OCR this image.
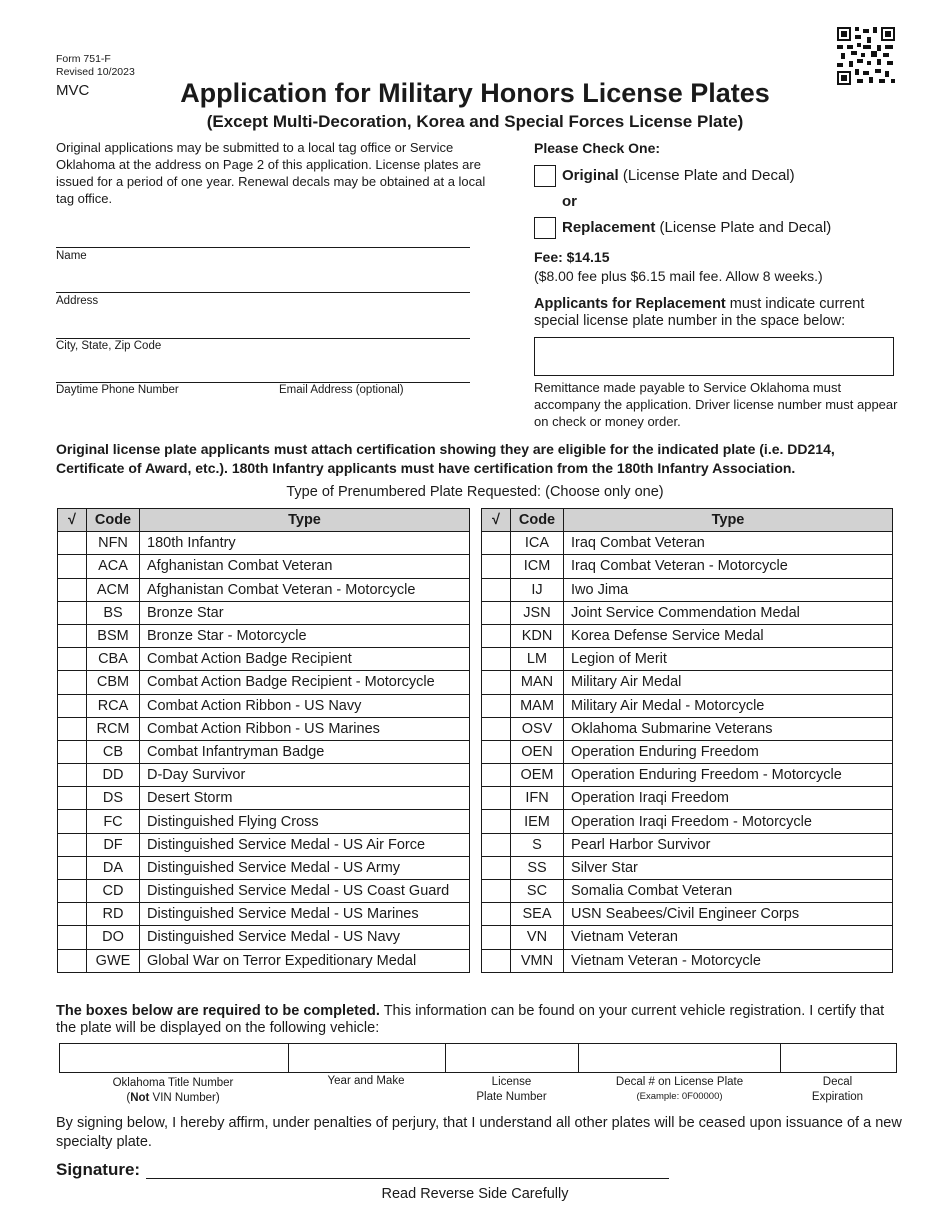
Form 751-F
Revised 10/2023
MVC	Application for Military Honors License Plates
(Except Multi-Decoration, Korea and Special Forces License Plate)
Original applications may be submitted to a local tag office or Service Oklahoma at the address on Page 2 of this application. License plates are issued for a period of one year. Renewal decals may be obtained at a local tag office.
Name
Address
City, State, Zip Code
Daytime Phone Number	Email Address (optional)
Please Check One:
Original (License Plate and Decal)
or
Replacement (License Plate and Decal)
Fee: $14.15
($8.00 fee plus $6.15 mail fee. Allow 8 weeks.)
Applicants for Replacement must indicate current special license plate number in the space below:
Remittance made payable to Service Oklahoma must accompany the application. Driver license number must appear on check or money order.
Original license plate applicants must attach certification showing they are eligible for the indicated plate (i.e. DD214, Certificate of Award, etc.). 180th Infantry applicants must have certification from the 180th Infantry Association.
Type of Prenumbered Plate Requested: (Choose only one)
√	Code	Type
	NFN	180th Infantry
	ACA	Afghanistan Combat Veteran
	ACM	Afghanistan Combat Veteran - Motorcycle
	BS	Bronze Star
	BSM	Bronze Star - Motorcycle
	CBA	Combat Action Badge Recipient
	CBM	Combat Action Badge Recipient - Motorcycle
	RCA	Combat Action Ribbon - US Navy
	RCM	Combat Action Ribbon - US Marines
	CB	Combat Infantryman Badge
	DD	D-Day Survivor
	DS	Desert Storm
	FC	Distinguished Flying Cross
	DF	Distinguished Service Medal - US Air Force
	DA	Distinguished Service Medal - US Army
	CD	Distinguished Service Medal - US Coast Guard
	RD	Distinguished Service Medal - US Marines
	DO	Distinguished Service Medal - US Navy
	GWE	Global War on Terror Expeditionary Medal
√	Code	Type
	ICA	Iraq Combat Veteran
	ICM	Iraq Combat Veteran - Motorcycle
	IJ	Iwo Jima
	JSN	Joint Service Commendation Medal
	KDN	Korea Defense Service Medal
	LM	Legion of Merit
	MAN	Military Air Medal
	MAM	Military Air Medal - Motorcycle
	OSV	Oklahoma Submarine Veterans
	OEN	Operation Enduring Freedom
	OEM	Operation Enduring Freedom - Motorcycle
	IFN	Operation Iraqi Freedom
	IEM	Operation Iraqi Freedom - Motorcycle
	S	Pearl Harbor Survivor
	SS	Silver Star
	SC	Somalia Combat Veteran
	SEA	USN Seabees/Civil Engineer Corps
	VN	Vietnam Veteran
	VMN	Vietnam Veteran - Motorcycle
The boxes below are required to be completed. This information can be found on your current vehicle registration. I certify that the plate will be displayed on the following vehicle:
Oklahoma Title Number
(Not VIN Number)
Year and Make	License
Plate Number
Decal # on License Plate
(Example: 0F00000)
Decal
Expiration
By signing below, I hereby affirm, under penalties of perjury, that I understand all other plates will be ceased upon issuance of a new specialty plate.
Signature:
Read Reverse Side Carefully
